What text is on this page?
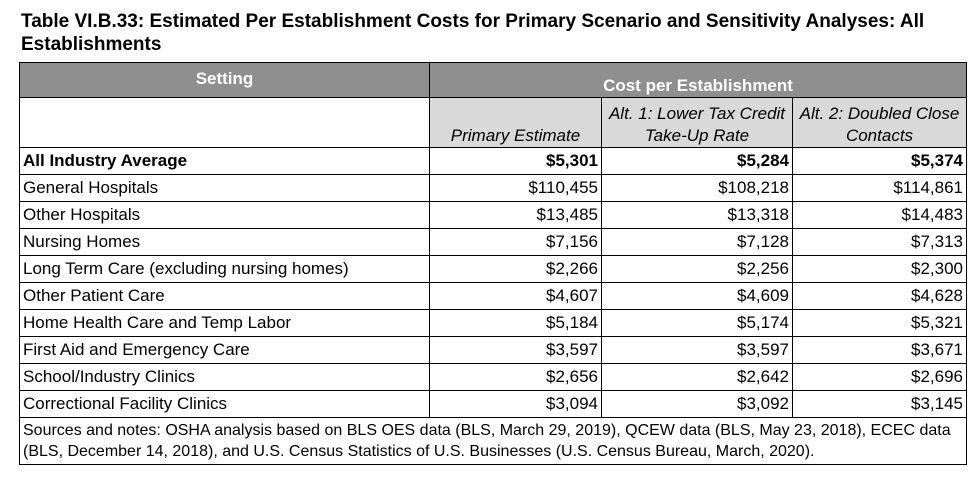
Table VI.B.33: Estimated Per Establishment Costs for Primary Scenario and Sensitivity Analyses: All Establishments
Setting	Cost per Establishment		
	Primary Estimate	Alt. 1: Lower Tax Credit Take-Up Rate	Alt. 2: Doubled Close Contacts
All Industry Average	$5,301	$5,284	$5,374
General Hospitals	$110,455	$108,218	$114,861
Other Hospitals	$13,485	$13,318	$14,483
Nursing Homes	$7,156	$7,128	$7,313
Long Term Care (excluding nursing homes)	$2,266	$2,256	$2,300
Other Patient Care	$4,607	$4,609	$4,628
Home Health Care and Temp Labor	$5,184	$5,174	$5,321
First Aid and Emergency Care	$3,597	$3,597	$3,671
School/Industry Clinics	$2,656	$2,642	$2,696
Correctional Facility Clinics	$3,094	$3,092	$3,145
Sources and notes: OSHA analysis based on BLS OES data (BLS, March 29, 2019), QCEW data (BLS, May 23, 2018), ECEC data (BLS, December 14, 2018), and U.S. Census Statistics of U.S. Businesses (U.S. Census Bureau, March, 2020).			
